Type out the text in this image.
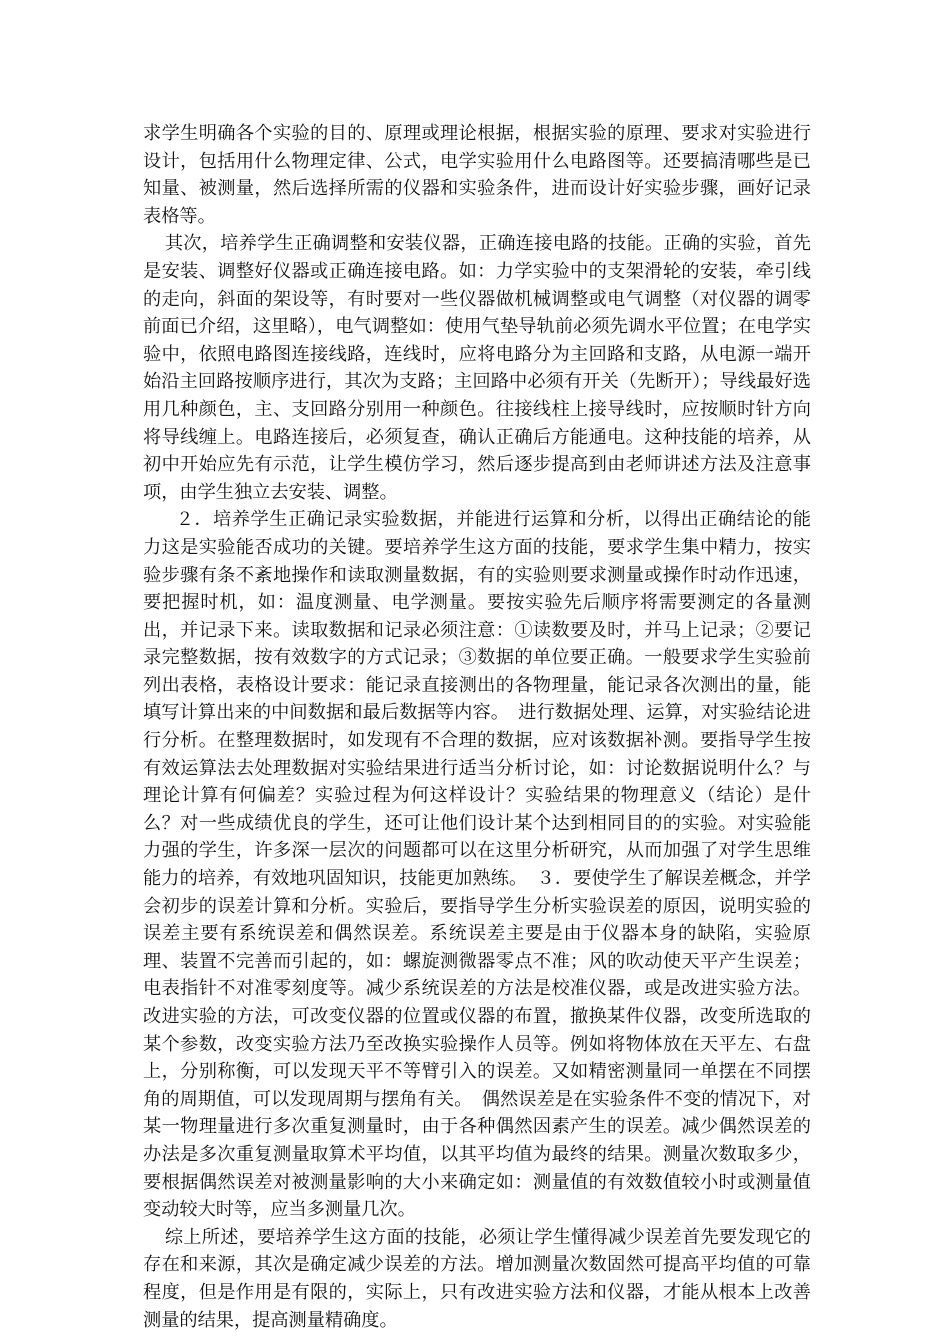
求学生明确各个实验的目的、原理或理论根据，根据实验的原理、要求对实验进行设计，包括用什么物理定律、公式，电学实验用什么电路图等。还要搞清哪些是已知量、被测量，然后选择所需的仪器和实验条件，进而设计好实验步骤，画好记录表格等。

其次，培养学生正确调整和安装仪器，正确连接电路的技能。正确的实验，首先是安装、调整好仪器或正确连接电路。如：力学实验中的支架滑轮的安装，牵引线的走向，斜面的架设等，有时要对一些仪器做机械调整或电气调整（对仪器的调零前面已介绍，这里略），电气调整如：使用气垫导轨前必须先调水平位置；在电学实验中，依照电路图连接线路，连线时，应将电路分为主回路和支路，从电源一端开始沿主回路按顺序进行，其次为支路；主回路中必须有开关（先断开）；导线最好选用几种颜色，主、支回路分别用一种颜色。往接线柱上接导线时，应按顺时针方向将导线缠上。电路连接后，必须复查，确认正确后方能通电。这种技能的培养，从初中开始应先有示范，让学生模仿学习，然后逐步提高到由老师讲述方法及注意事项，由学生独立去安装、调整。

２．培养学生正确记录实验数据，并能进行运算和分析，以得出正确结论的能力这是实验能否成功的关键。要培养学生这方面的技能，要求学生集中精力，按实验步骤有条不紊地操作和读取测量数据，有的实验则要求测量或操作时动作迅速，要把握时机，如：温度测量、电学测量。要按实验先后顺序将需要测定的各量测出，并记录下来。读取数据和记录必须注意：①读数要及时，并马上记录；②要记录完整数据，按有效数字的方式记录；③数据的单位要正确。一般要求学生实验前列出表格，表格设计要求：能记录直接测出的各物理量，能记录各次测出的量，能填写计算出来的中间数据和最后数据等内容。　进行数据处理、运算，对实验结论进行分析。在整理数据时，如发现有不合理的数据，应对该数据补测。要指导学生按有效运算法去处理数据对实验结果进行适当分析讨论，如：讨论数据说明什么？与理论计算有何偏差？实验过程为何这样设计？实验结果的物理意义（结论）是什么？对一些成绩优良的学生，还可让他们设计某个达到相同目的的实验。对实验能力强的学生，许多深一层次的问题都可以在这里分析研究，从而加强了对学生思维能力的培养，有效地巩固知识，技能更加熟练。　３．要使学生了解误差概念，并学会初步的误差计算和分析。实验后，要指导学生分析实验误差的原因，说明实验的误差主要有系统误差和偶然误差。系统误差主要是由于仪器本身的缺陷，实验原理、装置不完善而引起的，如：螺旋测微器零点不准；风的吹动使天平产生误差；电表指针不对准零刻度等。减少系统误差的方法是校准仪器，或是改进实验方法。改进实验的方法，可改变仪器的位置或仪器的布置，撤换某件仪器，改变所选取的某个参数，改变实验方法乃至改换实验操作人员等。例如将物体放在天平左、右盘上，分别称衡，可以发现天平不等臂引入的误差。又如精密测量同一单摆在不同摆角的周期值，可以发现周期与摆角有关。　偶然误差是在实验条件不变的情况下，对某一物理量进行多次重复测量时，由于各种偶然因素产生的误差。减少偶然误差的办法是多次重复测量取算术平均值，以其平均值为最终的结果。测量次数取多少，要根据偶然误差对被测量影响的大小来确定如：测量值的有效数值较小时或测量值变动较大时等，应当多测量几次。

综上所述，要培养学生这方面的技能，必须让学生懂得减少误差首先要发现它的存在和来源，其次是确定减少误差的方法。增加测量次数固然可提高平均值的可靠程度，但是作用是有限的，实际上，只有改进实验方法和仪器，才能从根本上改善测量的结果，提高测量精确度。
